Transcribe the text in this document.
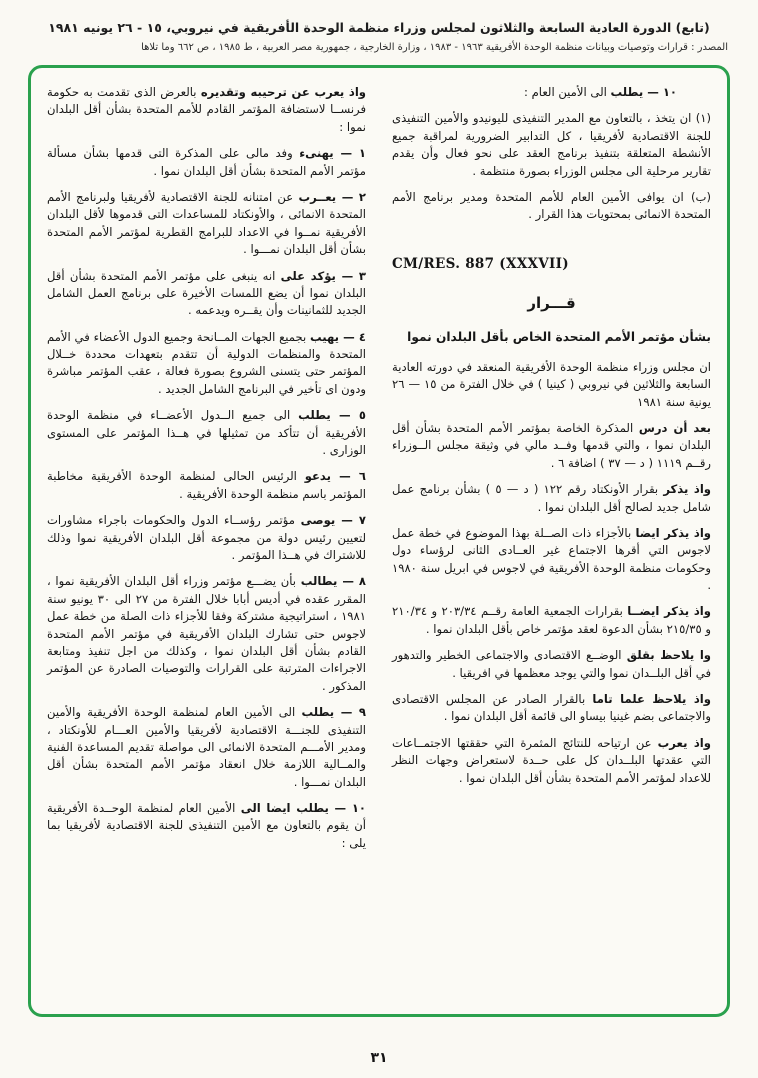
(تابع) الدورة العادية السابعة والثلاثون لمجلس وزراء منظمة الوحدة الأفريقية في نيروبي، ١٥ - ٢٦ يونيه ١٩٨١
المصدر : قرارات وتوصيات وبيانات منظمة الوحدة الأفريقية ١٩٦٣ - ١٩٨٣ ، وزارة الخارجية ، جمهورية مصر العربية ، ط ١٩٨٥ ، ص ٦٦٢ وما تلاها

١٠ — يطلب الى الأمين العام :

(١) ان يتخذ ، بالتعاون مع المدير التنفيذى لليونيدو والأمين التنفيذى للجنة الاقتصادية لأفريقيا ، كل التدابير الضرورية لمراقبة جميع الأنشطة المتعلقة بتنفيذ برنامج العقد على نحو فعال وأن يقدم تقارير مرحلية الى مجلس الوزراء بصورة منتظمة .

(ب) ان يوافى الأمين العام للأمم المتحدة ومدير برنامج الأمم المتحدة الانمائى بمحتويات هذا القرار .

CM/RES. 887 (XXXVII)
قـــرار
بشأن مؤتمر الأمم المتحدة الخاص بأقل البلدان نموا

ان مجلس وزراء منظمة الوحدة الأفريقية المنعقد في دورته العادية السابعة والثلاثين في نيروبي ( كينيا ) في خلال الفترة من ١٥ — ٢٦ يونية سنة ١٩٨١

بعد أن درس المذكرة الخاصة بمؤتمر الأمم المتحدة بشأن أقل البلدان نموا ، والتي قدمها وفــد مالي في وثيقة مجلس الــوزراء رقــم ١١١٩ ( د — ٣٧ ) اضافة ٦ .

واذ يذكر بقرار الأونكتاد رقم ١٢٢ ( د — ٥ ) بشأن برنامج عمل شامل جديد لصالح أقل البلدان نموا .

واذ يذكر ايضا بالأجزاء ذات الصــلة بهذا الموضوع في خطة عمل لاجوس التي أقرها الاجتماع غير العــادى الثانى لرؤساء دول وحكومات منظمة الوحدة الأفريقية في لاجوس في ابريل سنة ١٩٨٠ .

واذ يذكر ايضــا بقرارات الجمعية العامة رقــم ٢٠٣/٣٤ و ٢١٠/٣٤ و ٢١٥/٣٥ بشأن الدعوة لعقد مؤتمر خاص بأقل البلدان نموا .

وا يلاحظ بقلق الوضــع الاقتصادى والاجتماعى الخطير والتدهور في أقل البلــدان نموا والتي يوجد معظمها في افريقيا .

واذ يلاحظ علما تاما بالقرار الصادر عن المجلس الاقتصادى والاجتماعى بضم غينيا بيساو الى قائمة أقل البلدان نموا .

واذ يعرب عن ارتياحه للنتائج المثمرة التي حققتها الاجتمــاعات التي عقدتها البلــدان كل على حــدة لاستعراض وجهات النظر للاعداد لمؤتمر الأمم المتحدة بشأن أقل البلدان نموا .

واذ يعرب عن ترحيبه وتقديره بالعرض الذى تقدمت به حكومة فرنســا لاستضافة المؤتمر القادم للأمم المتحدة بشأن أقل البلدان نموا :

١ — يهنىء وفد مالى على المذكرة التى قدمها بشأن مسألة مؤتمر الأمم المتحدة بشأن أقل البلدان نموا .

٢ — يعــرب عن امتنانه للجنة الاقتصادية لأفريقيا ولبرنامج الأمم المتحدة الانمائى ، والأونكتاد للمساعدات التى قدموها لأقل البلدان الأفريقية نمــوا في الاعداد للبرامج القطرية لمؤتمر الأمم المتحدة بشأن أقل البلدان نمـــوا .

٣ — يؤكد على انه ينبغى على مؤتمر الأمم المتحدة بشأن أقل البلدان نموا أن يضع اللمسات الأخيرة على برنامج العمل الشامل الجديد للثمانينات وأن يقــره ويدعمه .

٤ — يهيب بجميع الجهات المــانحة وجميع الدول الأعضاء في الأمم المتحدة والمنظمات الدولية أن تتقدم بتعهدات محددة خــلال المؤتمر حتى يتسنى الشروع بصورة فعالة ، عقب المؤتمر مباشرة ودون اى تأخير في البرنامج الشامل الجديد .

٥ — يطلب الى جميع الــدول الأعضــاء في منظمة الوحدة الأفريقية أن تتأكد من تمثيلها في هــذا المؤتمر على المستوى الوزارى .

٦ — يدعو الرئيس الحالى لمنظمة الوحدة الأفريقية مخاطبة المؤتمر باسم منظمة الوحدة الأفريقية .

٧ — يوصى مؤتمر رؤســاء الدول والحكومات باجراء مشاورات لتعيين رئيس دولة من مجموعة أقل البلدان الأفريقية نموا وذلك للاشتراك في هــذا المؤتمر .

٨ — يطالب بأن يضـــع مؤتمر وزراء أقل البلدان الأفريقية نموا ، المقرر عقده في أديس أبابا خلال الفترة من ٢٧ الى ٣٠ يونيو سنة ١٩٨١ ، استراتيجية مشتركة وفقا للأجزاء ذات الصلة من خطة عمل لاجوس حتى تشارك البلدان الأفريقية في مؤتمر الأمم المتحدة القادم بشأن أقل البلدان نموا ، وكذلك من اجل تنفيذ ومتابعة الاجراءات المترتبة على القرارات والتوصيات الصادرة عن المؤتمر المذكور .

٩ — يطلب الى الأمين العام لمنظمة الوحدة الأفريقية والأمين التنفيذى للجنـــة الاقتصادية لأفريقيا والأمين العـــام للأونكتاد ، ومدير الأمـــم المتحدة الانمائى الى مواصلة تقديم المساعدة الفنية والمــالية اللازمة خلال انعقاد مؤتمر الأمم المتحدة بشأن أقل البلدان نمـــوا .

١٠ — يطلب ايضا الى الأمين العام لمنظمة الوحــدة الأفريقية أن يقوم بالتعاون مع الأمين التنفيذى للجنة الاقتصادية لأفريقيا بما يلى :

٣١
